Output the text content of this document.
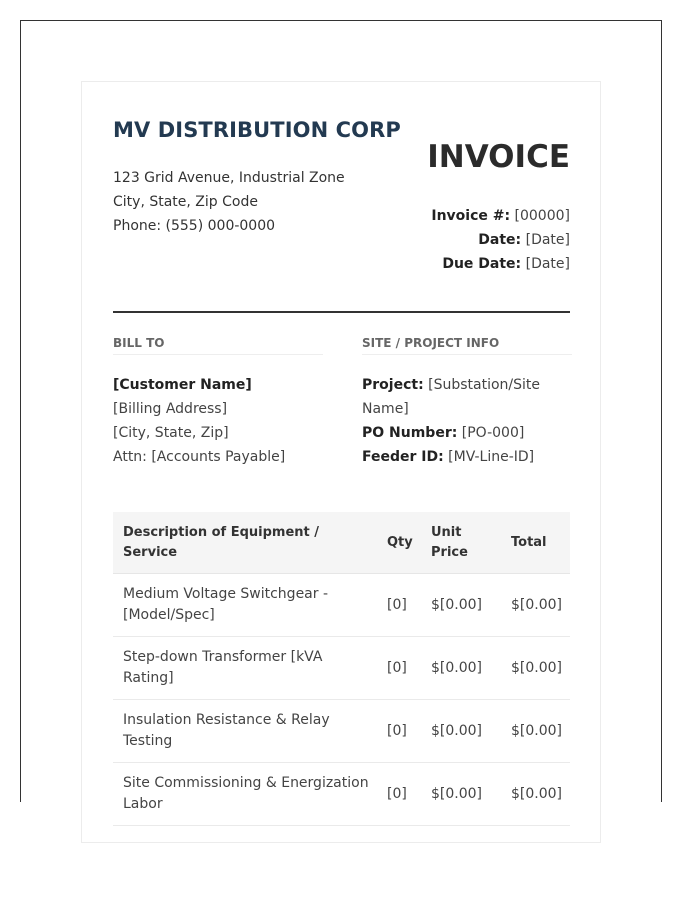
MV DISTRIBUTION CORP
123 Grid Avenue, Industrial Zone
City, State, Zip Code
Phone: (555) 000-0000
INVOICE
Invoice #: [00000]
Date: [Date]
Due Date: [Date]
BILL TO
[Customer Name]
[Billing Address]
[City, State, Zip]
Attn: [Accounts Payable]
SITE / PROJECT INFO
Project: [Substation/Site Name]
PO Number: [PO-000]
Feeder ID: [MV-Line-ID]
Description of Equipment / Service	Qty	Unit Price	Total
Medium Voltage Switchgear - [Model/Spec]	[0]	$[0.00]	$[0.00]
Step-down Transformer [kVA Rating]	[0]	$[0.00]	$[0.00]
Insulation Resistance & Relay Testing	[0]	$[0.00]	$[0.00]
Site Commissioning & Energization Labor	[0]	$[0.00]	$[0.00]
